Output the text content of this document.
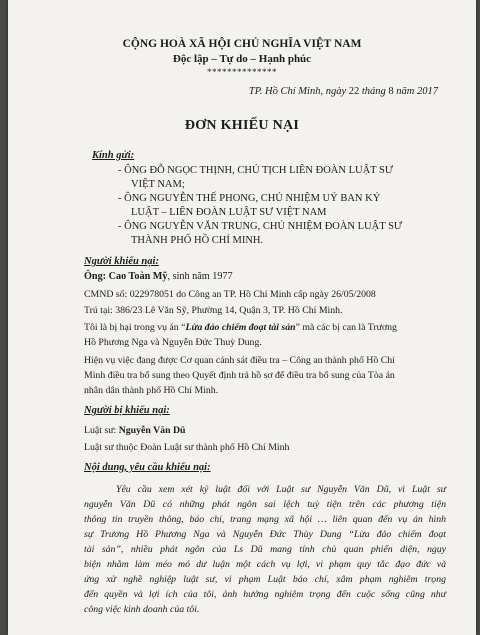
CỘNG HOÀ XÃ HỘI CHỦ NGHĨA VIỆT NAM
Độc lập – Tự do – Hạnh phúc
**************
TP. Hồ Chí Minh, ngày 22 tháng 8 năm 2017
ĐƠN KHIẾU NẠI
Kính gửi:
- ÔNG ĐỖ NGỌC THỊNH, CHỦ TỊCH LIÊN ĐOÀN LUẬT SƯ
VIỆT NAM;
- ÔNG NGUYỄN THẾ PHONG, CHỦ NHIỆM UỶ BAN KỶ
LUẬT – LIÊN ĐOÀN LUẬT SƯ VIỆT NAM
- ÔNG NGUYỄN VĂN TRUNG, CHỦ NHIỆM ĐOÀN LUẬT SƯ
THÀNH PHỐ HỒ CHÍ MINH.
Người khiếu nại:
Ông: Cao Toàn Mỹ, sinh năm 1977
CMND số: 022978051 do Công an TP. Hồ Chí Minh cấp ngày 26/05/2008
Trú tại: 386/23 Lê Văn Sỹ, Phường 14, Quận 3, TP. Hồ Chí Minh.
Tôi là bị hại trong vụ án “Lừa đảo chiếm đoạt tài sản” mà các bị can là Trương
Hồ Phương Nga và Nguyễn Đức Thuỳ Dung.
Hiện vụ việc đang được Cơ quan cảnh sát điều tra – Công an thành phố Hồ Chí
Minh điều tra bổ sung theo Quyết định trả hồ sơ để điều tra bổ sung của Tòa án
nhân dân thành phố Hồ Chí Minh.
Người bị khiếu nại:
Luật sư: Nguyễn Văn Dũ
Luật sư thuộc Đoàn Luật sư thành phố Hồ Chí Minh
Nội dung, yêu cầu khiếu nại:
Yêu cầu xem xét kỷ luật đối với Luật sư Nguyễn Văn Dũ, vì Luật sư
nguyễn Văn Dũ có những phát ngôn sai lệch tuỳ tiện trên các phương tiện
thông tin truyền thông, báo chí, trang mạng xã hội … liên quan đến vụ án hình
sự Trương Hồ Phương Nga và Nguyễn Đức Thùy Dung “Lừa đảo chiếm đoạt
tài sản”, nhiều phát ngôn của Ls Dũ mang tính chủ quan phiến diện, ngụy
biện nhằm làm méo mó dư luận một cách vụ lợi, vi phạm quy tắc đạo đức và
ứng xử nghề nghiệp luật sư, vi phạm Luật báo chí, xâm phạm nghiêm trọng
đến quyền và lợi ích của tôi, ảnh hưởng nghiêm trọng đến cuộc sống cũng như
công việc kinh doanh của tôi.
